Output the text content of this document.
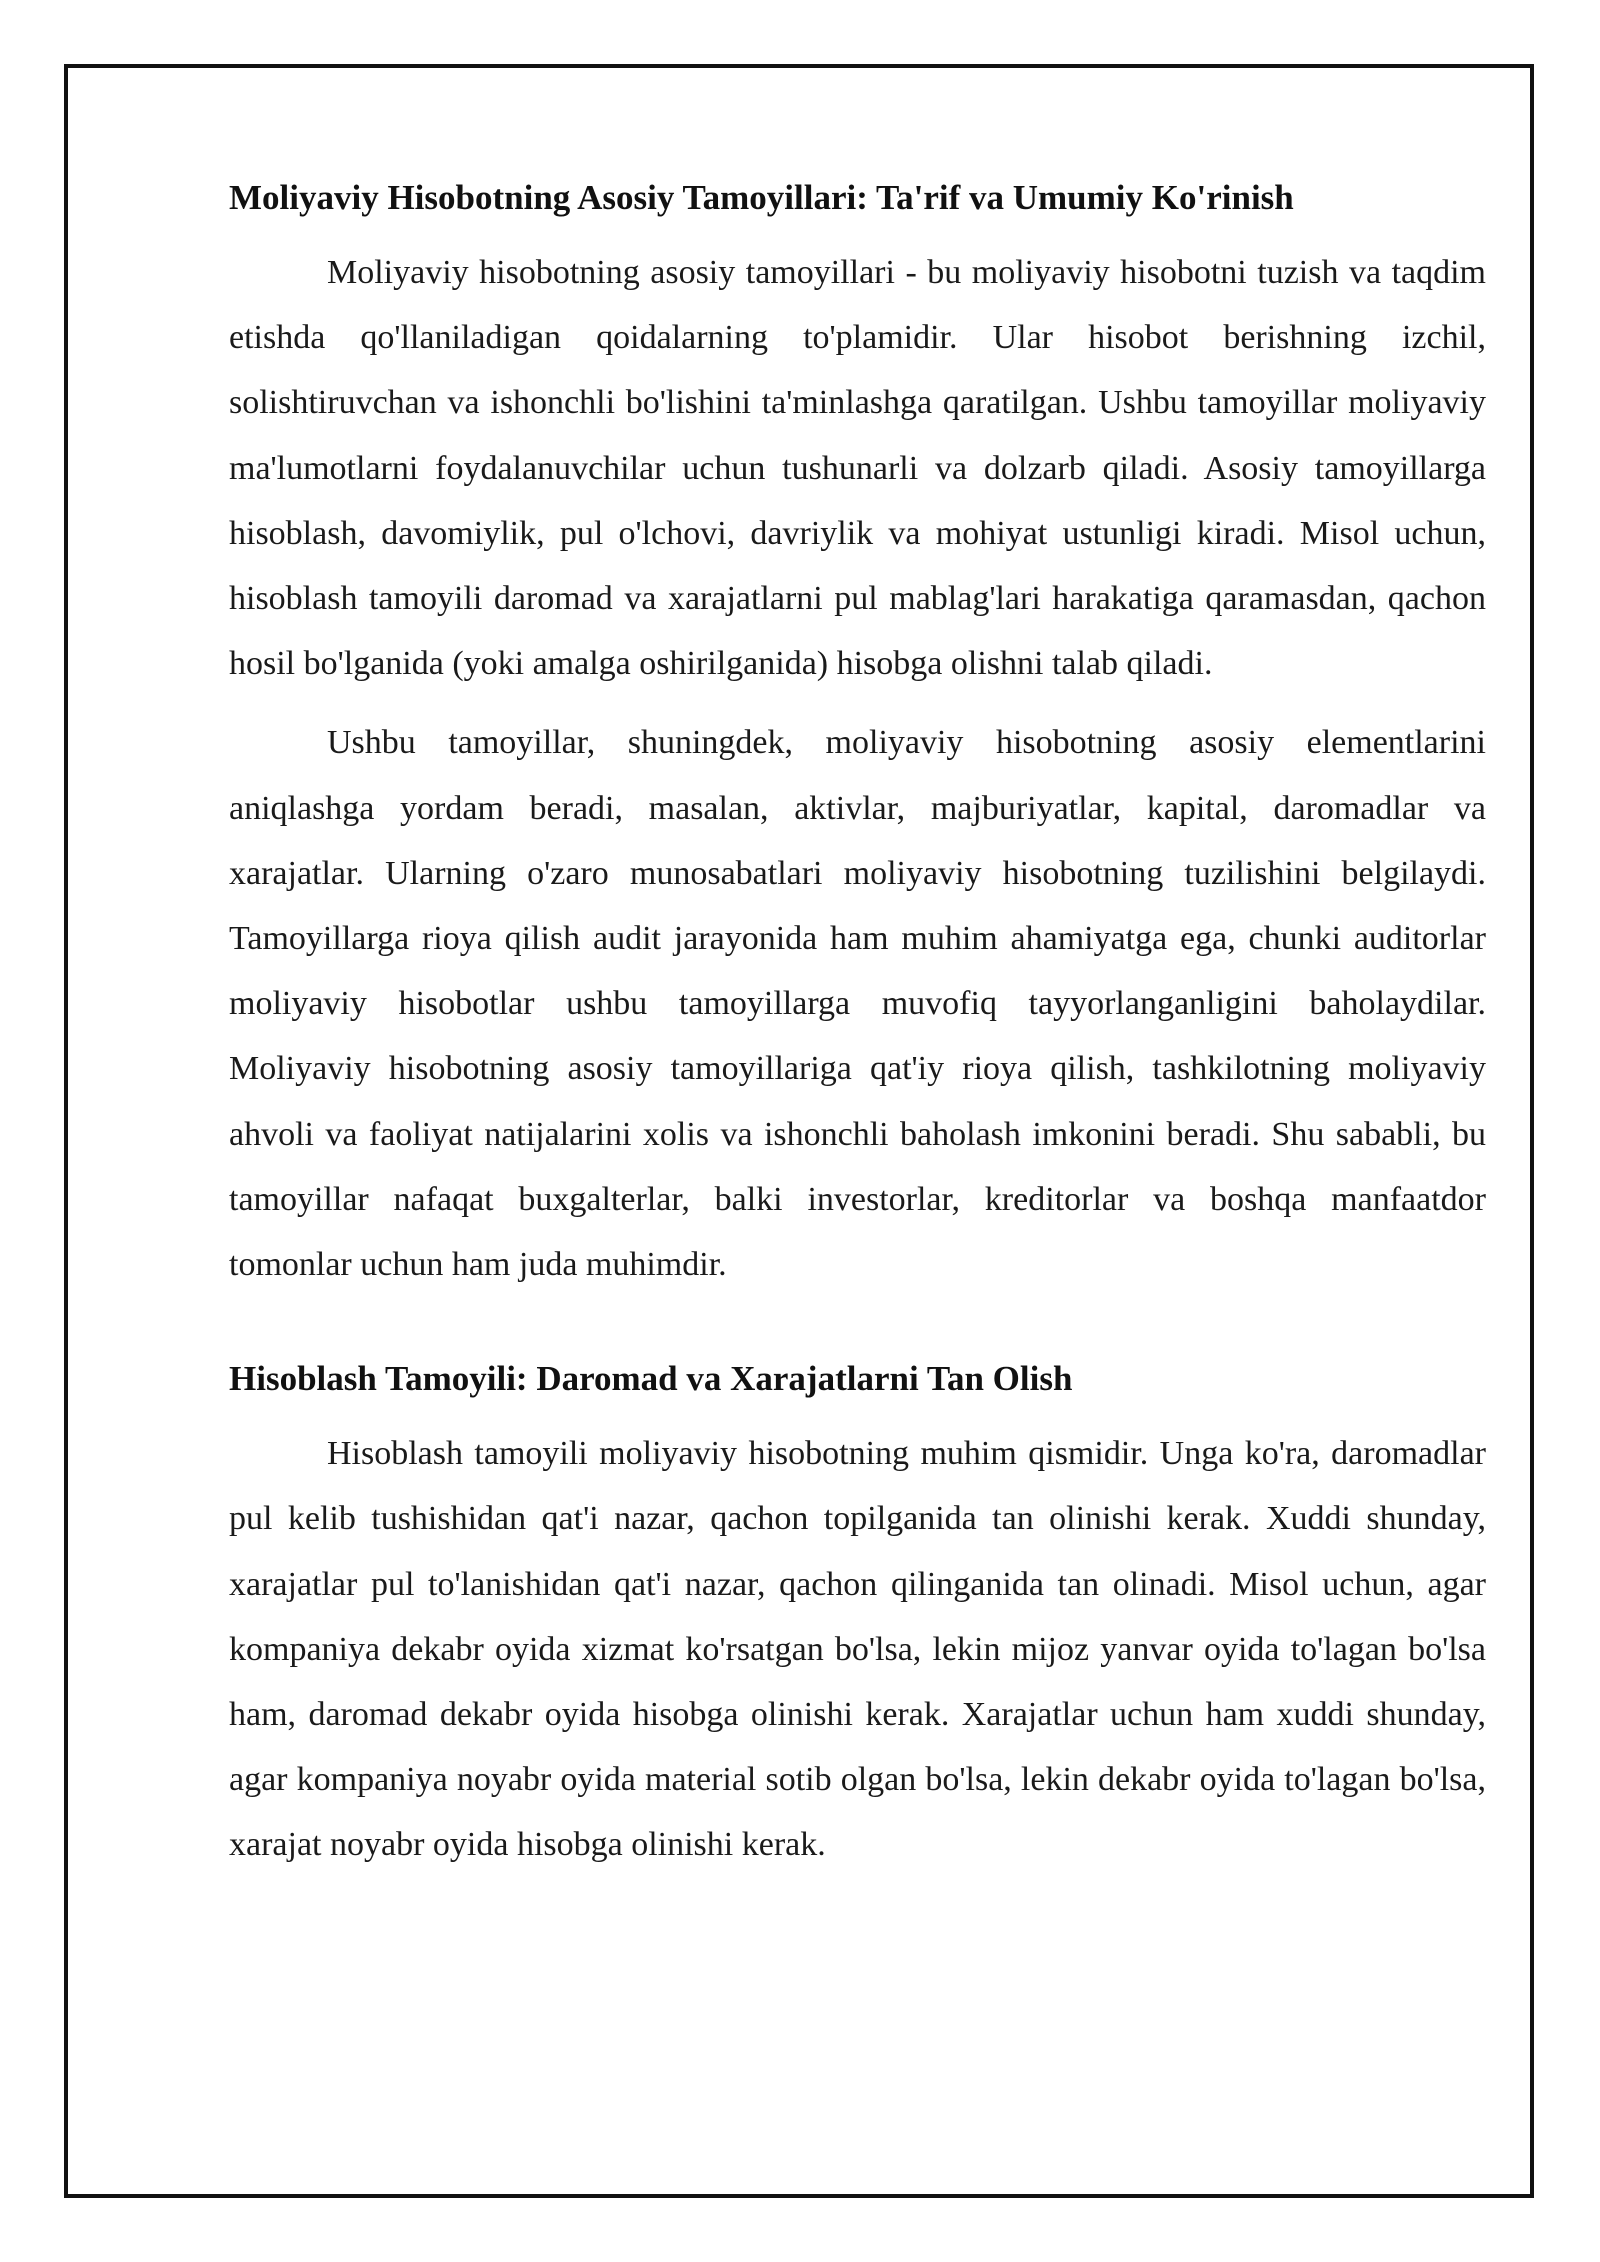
Moliyaviy Hisobotning Asosiy Tamoyillari: Ta'rif va Umumiy Ko'rinish

Moliyaviy hisobotning asosiy tamoyillari - bu moliyaviy hisobotni tuzish va taqdim etishda qo'llaniladigan qoidalarning to'plamidir. Ular hisobot berishning izchil, solishtiruvchan va ishonchli bo'lishini ta'minlashga qaratilgan. Ushbu tamoyillar moliyaviy ma'lumotlarni foydalanuvchilar uchun tushunarli va dolzarb qiladi. Asosiy tamoyillarga hisoblash, davomiylik, pul o'lchovi, davriylik va mohiyat ustunligi kiradi. Misol uchun, hisoblash tamoyili daromad va xarajatlarni pul mablag'lari harakatiga qaramasdan, qachon hosil bo'lganida (yoki amalga oshirilganida) hisobga olishni talab qiladi.

Ushbu tamoyillar, shuningdek, moliyaviy hisobotning asosiy elementlarini aniqlashga yordam beradi, masalan, aktivlar, majburiyatlar, kapital, daromadlar va xarajatlar. Ularning o'zaro munosabatlari moliyaviy hisobotning tuzilishini belgilaydi. Tamoyillarga rioya qilish audit jarayonida ham muhim ahamiyatga ega, chunki auditorlar moliyaviy hisobotlar ushbu tamoyillarga muvofiq tayyorlanganligini baholaydilar. Moliyaviy hisobotning asosiy tamoyillariga qat'iy rioya qilish, tashkilotning moliyaviy ahvoli va faoliyat natijalarini xolis va ishonchli baholash imkonini beradi. Shu sababli, bu tamoyillar nafaqat buxgalterlar, balki investorlar, kreditorlar va boshqa manfaatdor tomonlar uchun ham juda muhimdir.

Hisoblash Tamoyili: Daromad va Xarajatlarni Tan Olish

Hisoblash tamoyili moliyaviy hisobotning muhim qismidir. Unga ko'ra, daromadlar pul kelib tushishidan qat'i nazar, qachon topilganida tan olinishi kerak. Xuddi shunday, xarajatlar pul to'lanishidan qat'i nazar, qachon qilinganida tan olinadi. Misol uchun, agar kompaniya dekabr oyida xizmat ko'rsatgan bo'lsa, lekin mijoz yanvar oyida to'lagan bo'lsa ham, daromad dekabr oyida hisobga olinishi kerak. Xarajatlar uchun ham xuddi shunday, agar kompaniya noyabr oyida material sotib olgan bo'lsa, lekin dekabr oyida to'lagan bo'lsa, xarajat noyabr oyida hisobga olinishi kerak.
